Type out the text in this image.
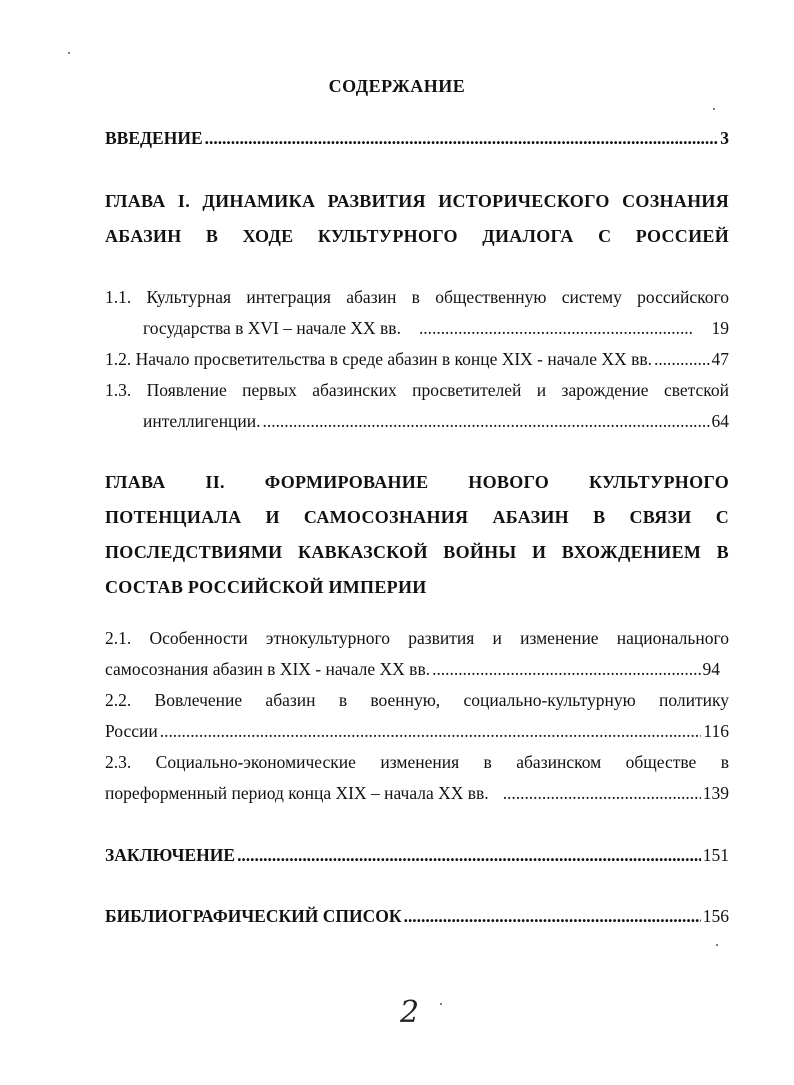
СОДЕРЖАНИЕ
ВВЕДЕНИЕ . . .	3
ГЛАВА I. ДИНАМИКА РАЗВИТИЯ ИСТОРИЧЕСКОГО СОЗНАНИЯ
АБАЗИН В ХОДЕ КУЛЬТУРНОГО ДИАЛОГА С РОССИЕЙ
1.1. Культурная интеграция абазин в общественную систему российского
государства в XVI – начале XX вв. . . .	19
1.2. Начало просветительства в среде абазин в конце XIX - начале XX вв. . . .	47
1.3. Появление первых абазинских просветителей и зарождение светской
интеллигенции. . . .	64
ГЛАВА II. ФОРМИРОВАНИЕ НОВОГО КУЛЬТУРНОГО
ПОТЕНЦИАЛА И САМОСОЗНАНИЯ АБАЗИН В СВЯЗИ С
ПОСЛЕДСТВИЯМИ КАВКАЗСКОЙ ВОЙНЫ И ВХОЖДЕНИЕМ В
СОСТАВ РОССИЙСКОЙ ИМПЕРИИ
2.1. Особенности этнокультурного развития и изменение национального
самосознания абазин в XIX - начале XX вв. . . .	94
2.2. Вовлечение абазин в военную, социально-культурную политику
России . . .	116
2.3. Социально-экономические изменения в абазинском обществе в
пореформенный период конца XIX – начала XX вв. . . .	139
ЗАКЛЮЧЕНИЕ . . .	151
БИБЛИОГРАФИЧЕСКИЙ СПИСОК . . .	156
2
